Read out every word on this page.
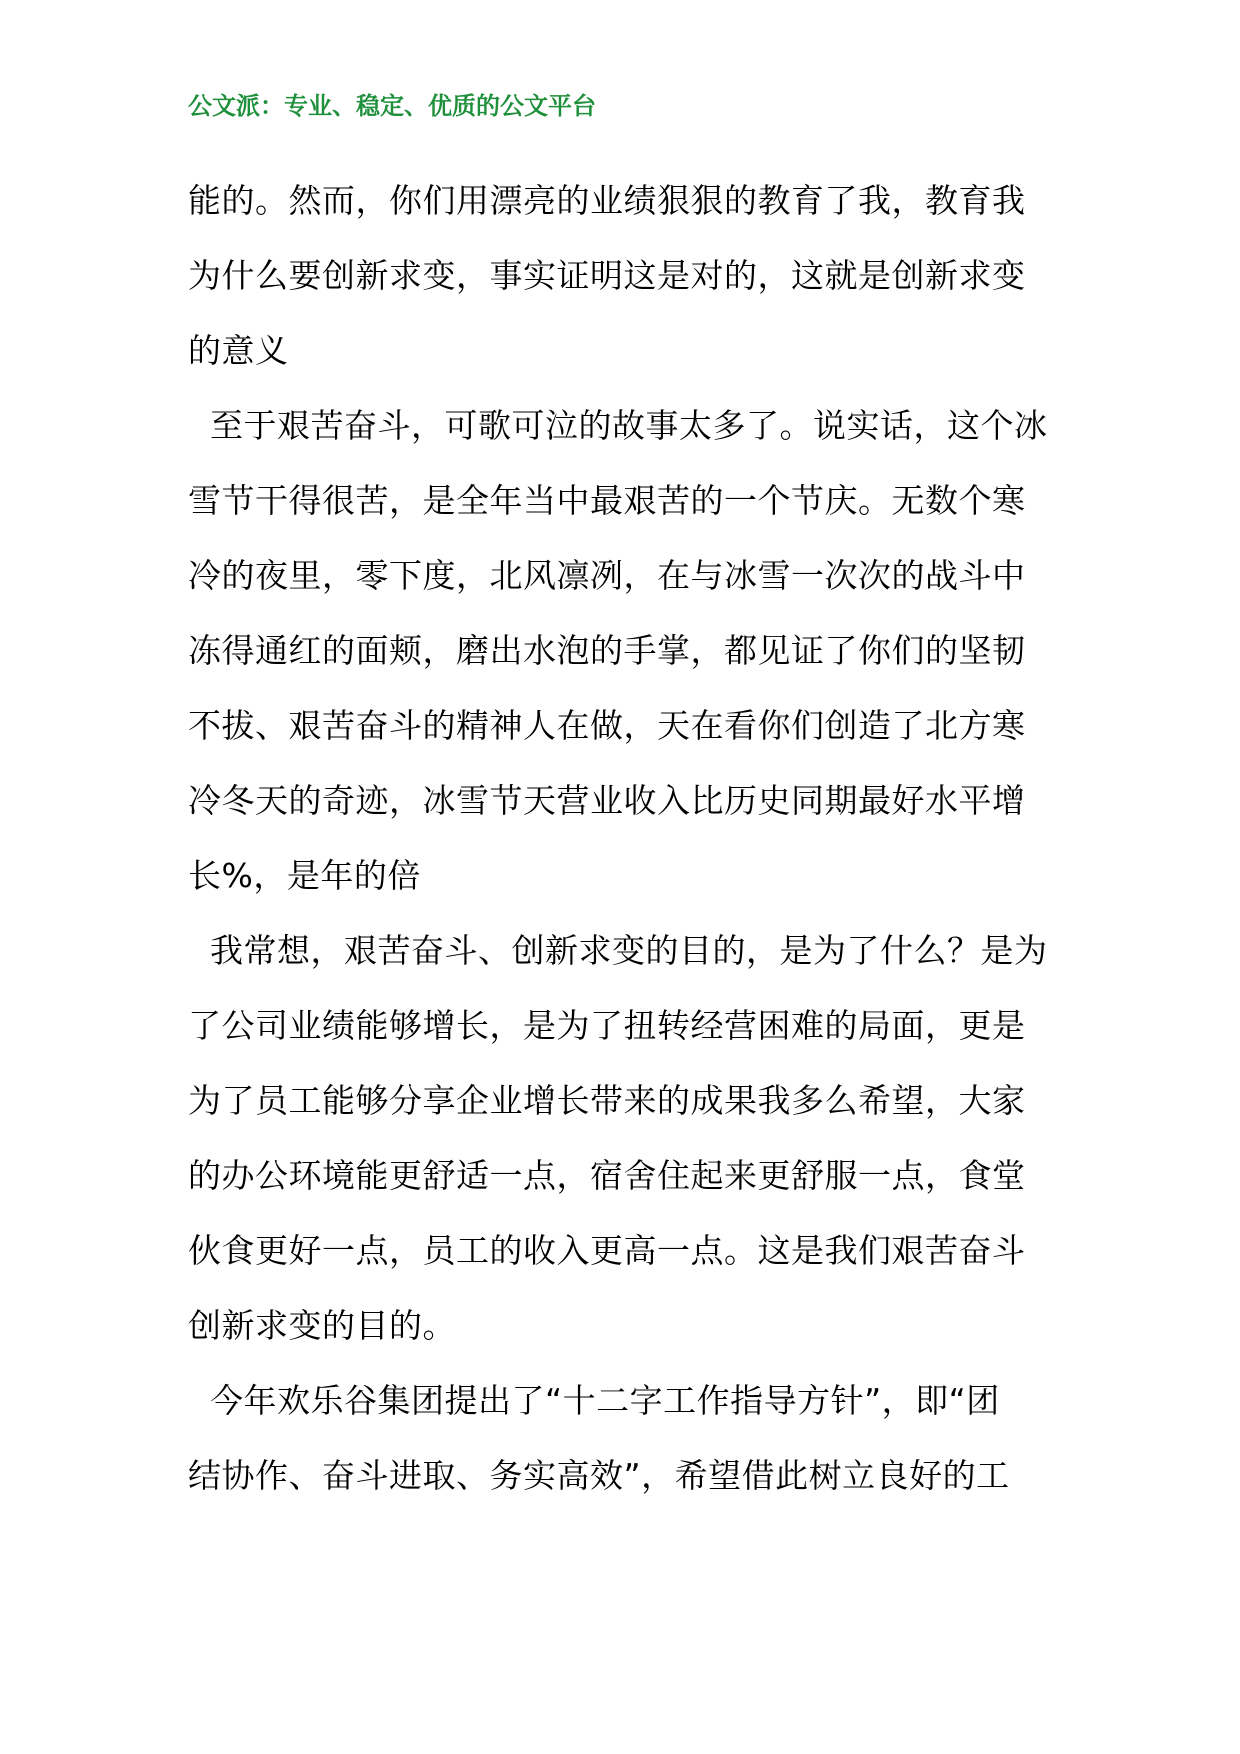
公文派：专业、稳定、优质的公文平台
能的。然而，你们用漂亮的业绩狠狠的教育了我，教育我
为什么要创新求变，事实证明这是对的，这就是创新求变
的意义
至于艰苦奋斗，可歌可泣的故事太多了。说实话，这个冰
雪节干得很苦，是全年当中最艰苦的一个节庆。无数个寒
冷的夜里，零下度，北风凛冽，在与冰雪一次次的战斗中
冻得通红的面颊，磨出水泡的手掌，都见证了你们的坚韧
不拔、艰苦奋斗的精神人在做，天在看你们创造了北方寒
冷冬天的奇迹，冰雪节天营业收入比历史同期最好水平增
长%，是年的倍
我常想，艰苦奋斗、创新求变的目的，是为了什么？是为
了公司业绩能够增长，是为了扭转经营困难的局面，更是
为了员工能够分享企业增长带来的成果我多么希望，大家
的办公环境能更舒适一点，宿舍住起来更舒服一点，食堂
伙食更好一点，员工的收入更高一点。这是我们艰苦奋斗
创新求变的目的。
今年欢乐谷集团提出了“十二字工作指导方针”，即“团
结协作、奋斗进取、务实高效”，希望借此树立良好的工
